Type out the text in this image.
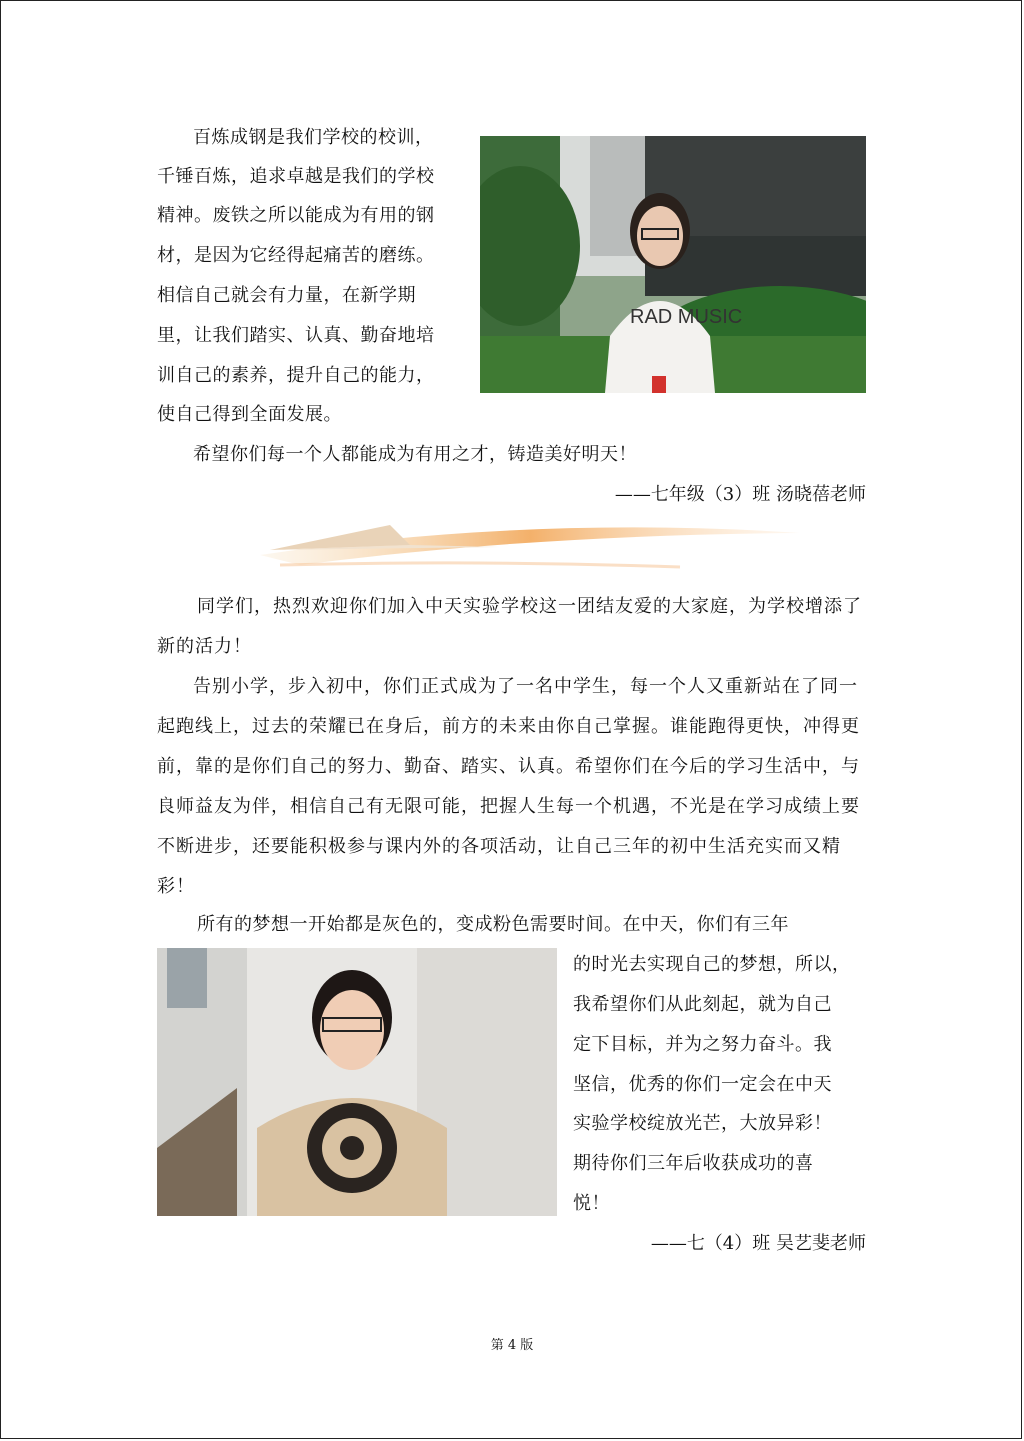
百炼成钢是我们学校的校训，
千锤百炼，追求卓越是我们的学校
精神。废铁之所以能成为有用的钢
材，是因为它经得起痛苦的磨练。
相信自己就会有力量，在新学期
里，让我们踏实、认真、勤奋地培
训自己的素养，提升自己的能力，
使自己得到全面发展。
RAD MUSIC
希望你们每一个人都能成为有用之才，铸造美好明天！
——七年级（3）班 汤晓蓓老师

同学们，热烈欢迎你们加入中天实验学校这一团结友爱的大家庭，为学校增添了新的活力！

告别小学，步入初中，你们正式成为了一名中学生，每一个人又重新站在了同一起跑线上，过去的荣耀已在身后，前方的未来由你自己掌握。谁能跑得更快，冲得更前，靠的是你们自己的努力、勤奋、踏实、认真。希望你们在今后的学习生活中，与良师益友为伴，相信自己有无限可能，把握人生每一个机遇，不光是在学习成绩上要不断进步，还要能积极参与课内外的各项活动，让自己三年的初中生活充实而又精彩！

所有的梦想一开始都是灰色的，变成粉色需要时间。在中天，你们有三年
的时光去实现自己的梦想，所以，
我希望你们从此刻起，就为自己
定下目标，并为之努力奋斗。我
坚信，优秀的你们一定会在中天
实验学校绽放光芒，大放异彩！
期待你们三年后收获成功的喜
悦！
——七（4）班 吴艺斐老师
第 4 版
